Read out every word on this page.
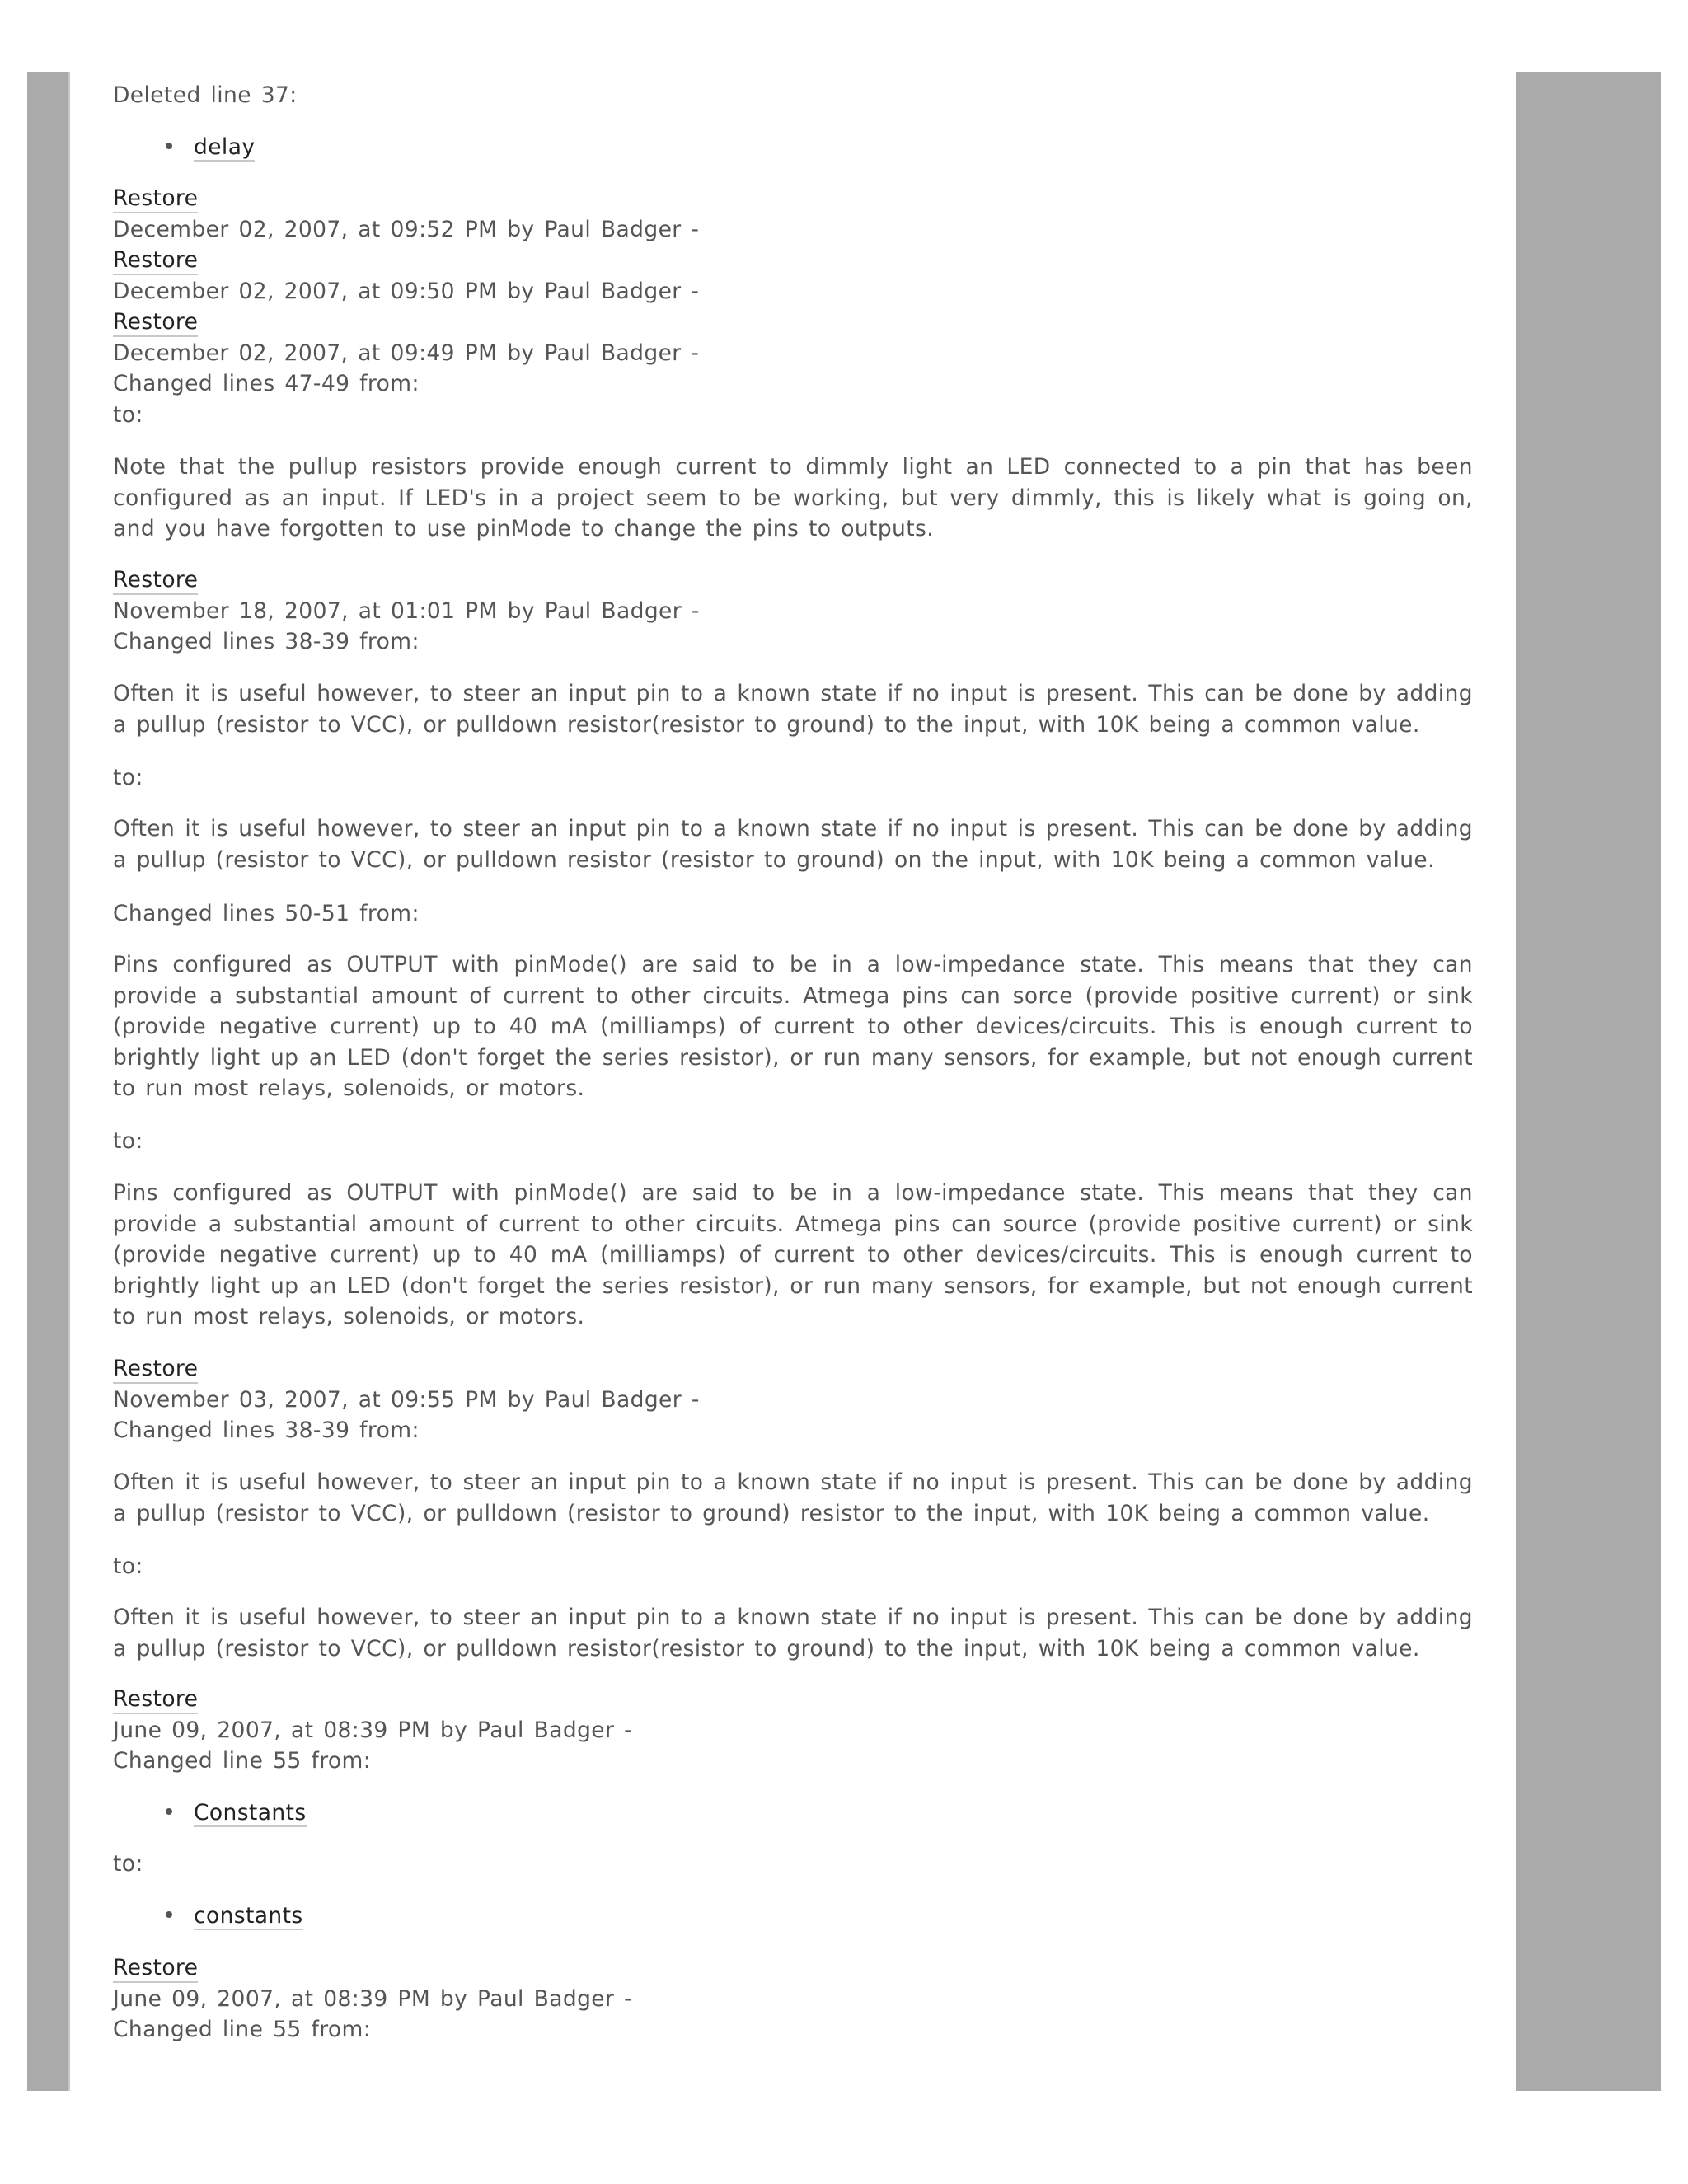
Deleted line 37:
delay
Restore
December 02, 2007, at 09:52 PM by Paul Badger -
Restore
December 02, 2007, at 09:50 PM by Paul Badger -
Restore
December 02, 2007, at 09:49 PM by Paul Badger -
Changed lines 47-49 from:
to:
Note that the pullup resistors provide enough current to dimmly light an LED connected to a pin that has been configured as an input. If LED's in a project seem to be working, but very dimmly, this is likely what is going on, and you have forgotten to use pinMode to change the pins to outputs.
Restore
November 18, 2007, at 01:01 PM by Paul Badger -
Changed lines 38-39 from:
Often it is useful however, to steer an input pin to a known state if no input is present. This can be done by adding a pullup (resistor to VCC), or pulldown resistor(resistor to ground) to the input, with 10K being a common value.
to:
Often it is useful however, to steer an input pin to a known state if no input is present. This can be done by adding a pullup (resistor to VCC), or pulldown resistor (resistor to ground) on the input, with 10K being a common value.
Changed lines 50-51 from:
Pins configured as OUTPUT with pinMode() are said to be in a low-impedance state. This means that they can provide a substantial amount of current to other circuits. Atmega pins can sorce (provide positive current) or sink (provide negative current) up to 40 mA (milliamps) of current to other devices/circuits. This is enough current to brightly light up an LED (don't forget the series resistor), or run many sensors, for example, but not enough current to run most relays, solenoids, or motors.
to:
Pins configured as OUTPUT with pinMode() are said to be in a low-impedance state. This means that they can provide a substantial amount of current to other circuits. Atmega pins can source (provide positive current) or sink (provide negative current) up to 40 mA (milliamps) of current to other devices/circuits. This is enough current to brightly light up an LED (don't forget the series resistor), or run many sensors, for example, but not enough current to run most relays, solenoids, or motors.
Restore
November 03, 2007, at 09:55 PM by Paul Badger -
Changed lines 38-39 from:
Often it is useful however, to steer an input pin to a known state if no input is present. This can be done by adding a pullup (resistor to VCC), or pulldown (resistor to ground) resistor to the input, with 10K being a common value.
to:
Often it is useful however, to steer an input pin to a known state if no input is present. This can be done by adding a pullup (resistor to VCC), or pulldown resistor(resistor to ground) to the input, with 10K being a common value.
Restore
June 09, 2007, at 08:39 PM by Paul Badger -
Changed line 55 from:
Constants
to:
constants
Restore
June 09, 2007, at 08:39 PM by Paul Badger -
Changed line 55 from:
